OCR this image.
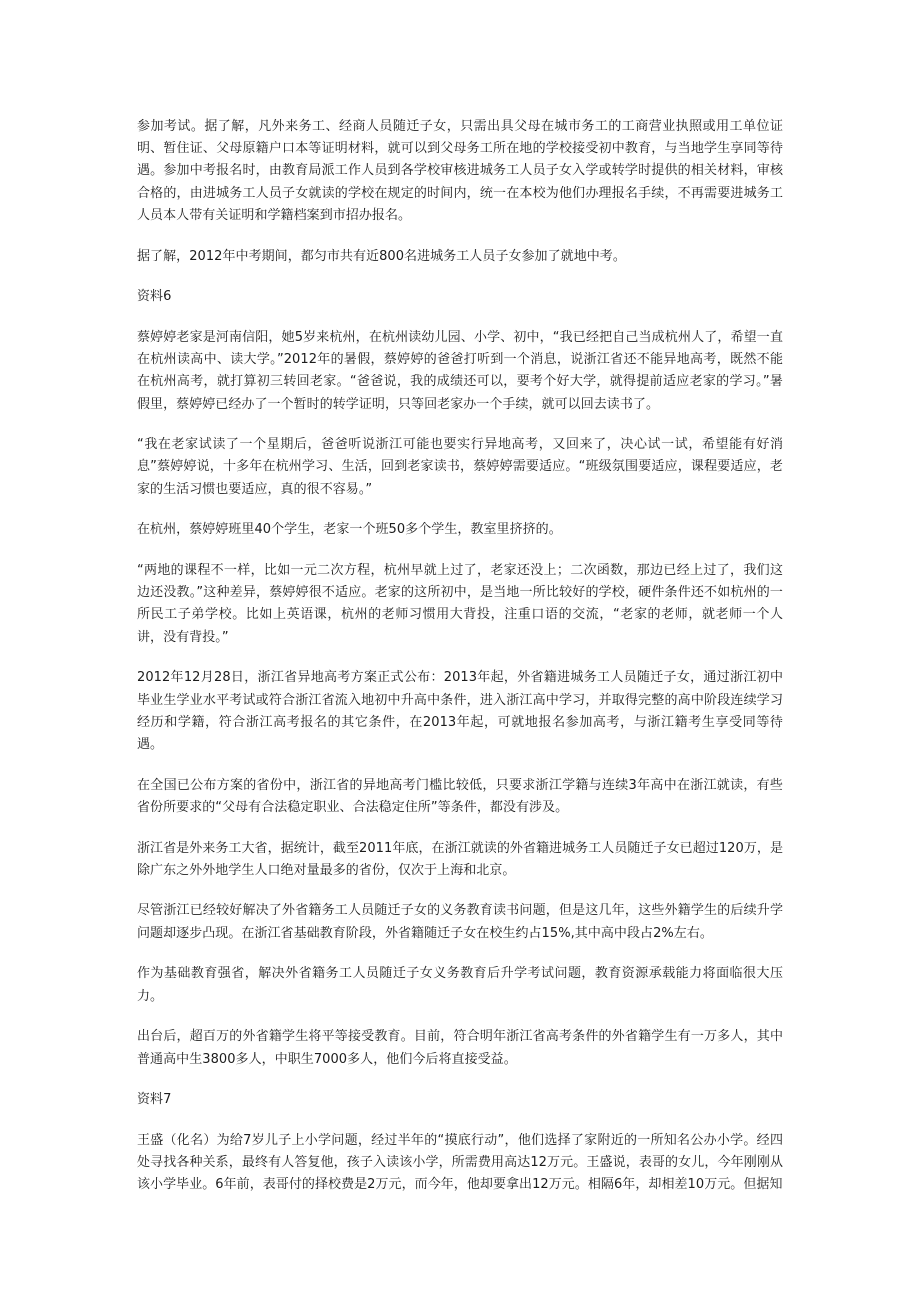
参加考试。据了解，凡外来务工、经商人员随迁子女，只需出具父母在城市务工的工商营业执照或用工单位证明、暂住证、父母原籍户口本等证明材料，就可以到父母务工所在地的学校接受初中教育，与当地学生享同等待遇。参加中考报名时，由教育局派工作人员到各学校审核进城务工人员子女入学或转学时提供的相关材料，审核合格的，由进城务工人员子女就读的学校在规定的时间内，统一在本校为他们办理报名手续，不再需要进城务工人员本人带有关证明和学籍档案到市招办报名。

据了解，2012年中考期间，都匀市共有近800名进城务工人员子女参加了就地中考。

资料6

蔡婷婷老家是河南信阳，她5岁来杭州，在杭州读幼儿园、小学、初中，“我已经把自己当成杭州人了，希望一直在杭州读高中、读大学。”2012年的暑假，蔡婷婷的爸爸打听到一个消息，说浙江省还不能异地高考，既然不能在杭州高考，就打算初三转回老家。“爸爸说，我的成绩还可以，要考个好大学，就得提前适应老家的学习。”暑假里，蔡婷婷已经办了一个暂时的转学证明，只等回老家办一个手续，就可以回去读书了。

“我在老家试读了一个星期后，爸爸听说浙江可能也要实行异地高考，又回来了，决心试一试，希望能有好消息”蔡婷婷说，十多年在杭州学习、生活，回到老家读书，蔡婷婷需要适应。“班级氛围要适应，课程要适应，老家的生活习惯也要适应，真的很不容易。”

在杭州，蔡婷婷班里40个学生，老家一个班50多个学生，教室里挤挤的。

“两地的课程不一样，比如一元二次方程，杭州早就上过了，老家还没上；二次函数，那边已经上过了，我们这边还没教。”这种差异，蔡婷婷很不适应。老家的这所初中，是当地一所比较好的学校，硬件条件还不如杭州的一所民工子弟学校。比如上英语课，杭州的老师习惯用大背投，注重口语的交流，“老家的老师，就老师一个人讲，没有背投。”

2012年12月28日，浙江省异地高考方案正式公布：2013年起，外省籍进城务工人员随迁子女，通过浙江初中毕业生学业水平考试或符合浙江省流入地初中升高中条件，进入浙江高中学习，并取得完整的高中阶段连续学习经历和学籍，符合浙江高考报名的其它条件，在2013年起，可就地报名参加高考，与浙江籍考生享受同等待遇。

在全国已公布方案的省份中，浙江省的异地高考门槛比较低，只要求浙江学籍与连续3年高中在浙江就读，有些省份所要求的“父母有合法稳定职业、合法稳定住所”等条件，都没有涉及。

浙江省是外来务工大省，据统计，截至2011年底，在浙江就读的外省籍进城务工人员随迁子女已超过120万，是除广东之外外地学生人口绝对量最多的省份，仅次于上海和北京。

尽管浙江已经较好解决了外省籍务工人员随迁子女的义务教育读书问题，但是这几年，这些外籍学生的后续升学问题却逐步凸现。在浙江省基础教育阶段，外省籍随迁子女在校生约占15%,其中高中段占2%左右。

作为基础教育强省，解决外省籍务工人员随迁子女义务教育后升学考试问题，教育资源承载能力将面临很大压力。

出台后，超百万的外省籍学生将平等接受教育。目前，符合明年浙江省高考条件的外省籍学生有一万多人，其中普通高中生3800多人，中职生7000多人，他们今后将直接受益。

资料7

王盛（化名）为给7岁儿子上小学问题，经过半年的“摸底行动”，他们选择了家附近的一所知名公办小学。经四处寻找各种关系，最终有人答复他，孩子入读该小学，所需费用高达12万元。王盛说，表哥的女儿，今年刚刚从该小学毕业。6年前，表哥付的择校费是2万元，而今年，他却要拿出12万元。相隔6年，却相差10万元。但据知
